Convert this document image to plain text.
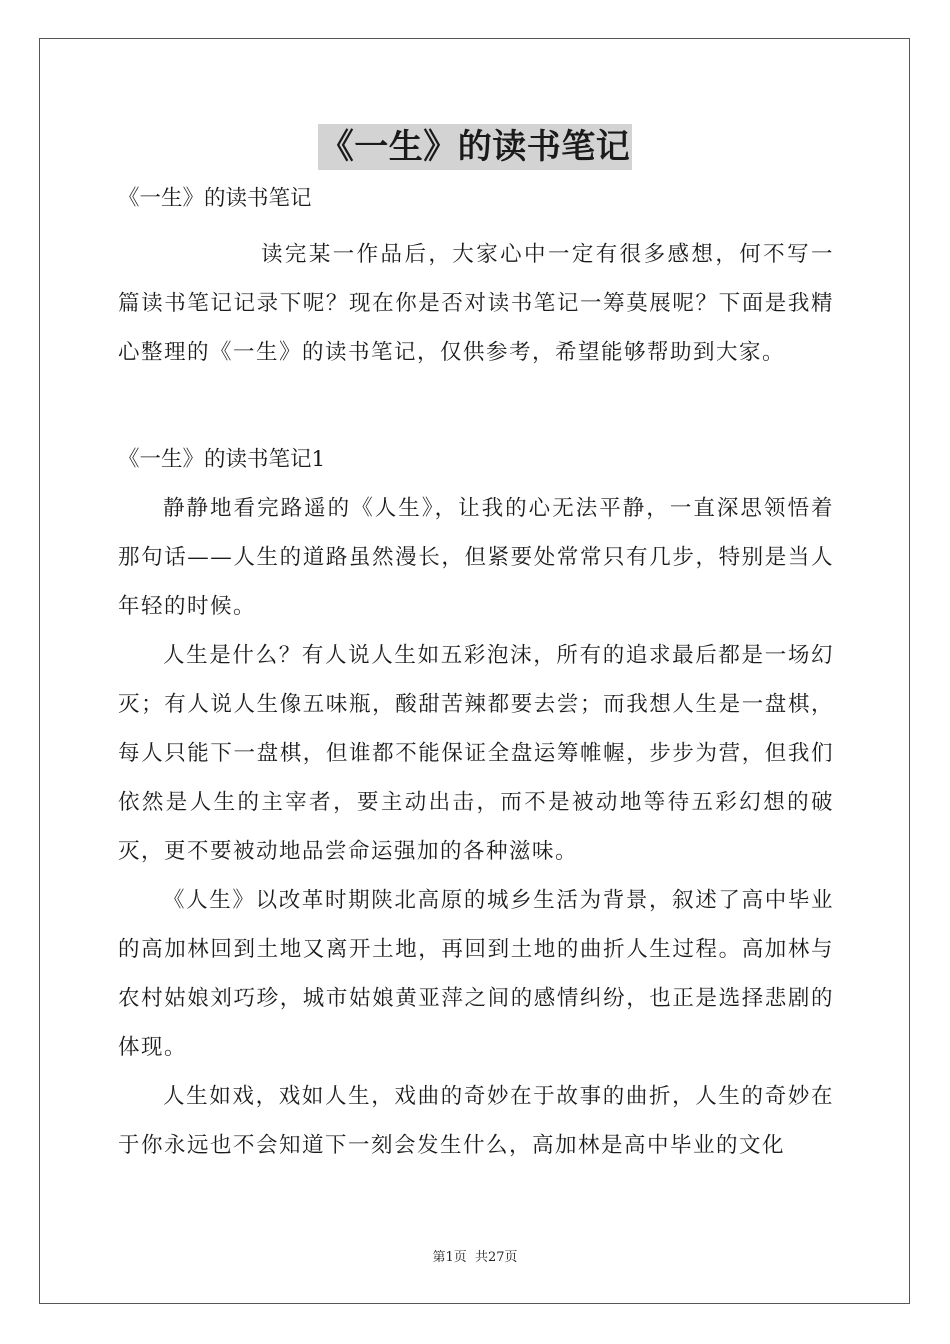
《一生》的读书笔记

《一生》的读书笔记

读完某一作品后，大家心中一定有很多感想，何不写一篇读书笔记记录下呢？现在你是否对读书笔记一筹莫展呢？下面是我精心整理的《一生》的读书笔记，仅供参考，希望能够帮助到大家。

《一生》的读书笔记1

静静地看完路遥的《人生》，让我的心无法平静，一直深思领悟着那句话——人生的道路虽然漫长，但紧要处常常只有几步，特别是当人年轻的时候。

人生是什么？有人说人生如五彩泡沫，所有的追求最后都是一场幻灭；有人说人生像五味瓶，酸甜苦辣都要去尝；而我想人生是一盘棋，每人只能下一盘棋，但谁都不能保证全盘运筹帷幄，步步为营，但我们依然是人生的主宰者，要主动出击，而不是被动地等待五彩幻想的破灭，更不要被动地品尝命运强加的各种滋味。

《人生》以改革时期陕北高原的城乡生活为背景，叙述了高中毕业的高加林回到土地又离开土地，再回到土地的曲折人生过程。高加林与农村姑娘刘巧珍，城市姑娘黄亚萍之间的感情纠纷，也正是选择悲剧的体现。

人生如戏，戏如人生，戏曲的奇妙在于故事的曲折，人生的奇妙在于你永远也不会知道下一刻会发生什么，高加林是高中毕业的文化

第1页 共27页
